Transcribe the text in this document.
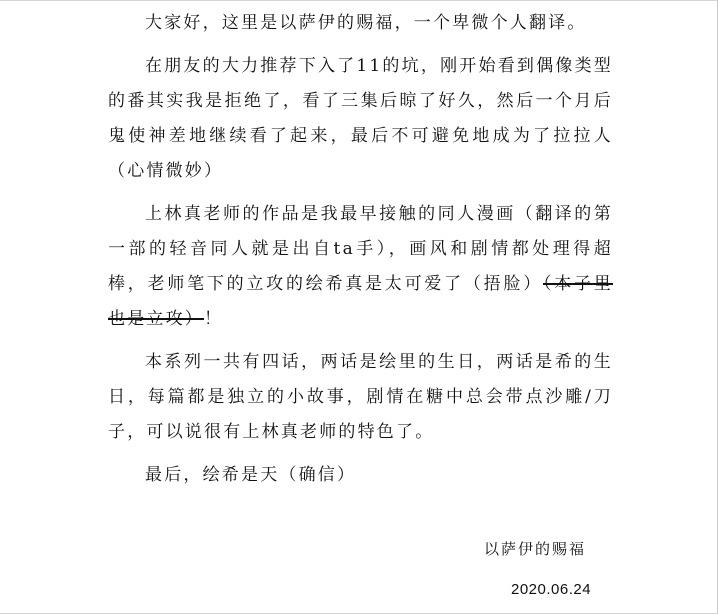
大家好，这里是以萨伊的赐福，一个卑微个人翻译。

在朋友的大力推荐下入了11的坑，刚开始看到偶像类型的番其实我是拒绝了，看了三集后晾了好久，然后一个月后鬼使神差地继续看了起来，最后不可避免地成为了拉拉人（心情微妙）

上林真老师的作品是我最早接触的同人漫画（翻译的第一部的轻音同人就是出自ta手），画风和剧情都处理得超棒，老师笔下的立攻的绘希真是太可爱了（捂脸）（本子里也是立攻）！

本系列一共有四话，两话是绘里的生日，两话是希的生日，每篇都是独立的小故事，剧情在糖中总会带点沙雕/刀子，可以说很有上林真老师的特色了。

最后，绘希是天（确信）

以萨伊的赐福
2020.06.24
